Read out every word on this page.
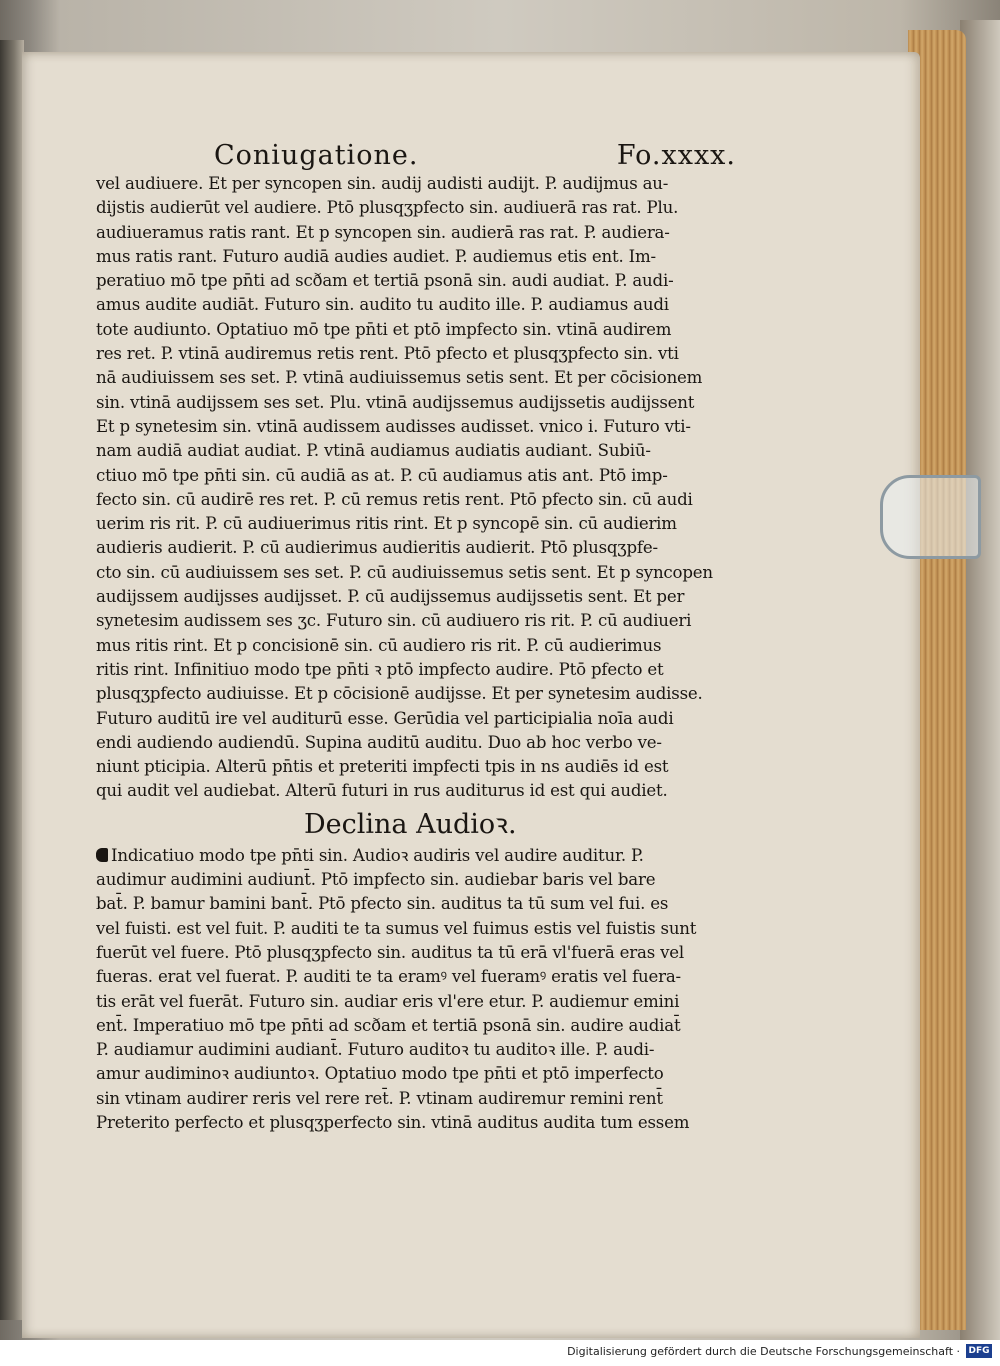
Coniugatione.	Fo.xxxx.
vel audiuere. Et per syncopen sin. audij audisti audijt. P. audijmus au-
dijstis audierūt vel audiere. Ptō plusqʒpfecto sin. audiuerā ras rat. Plu.
audiueramus ratis rant. Et p syncopen sin. audierā ras rat. P. audiera-
mus ratis rant. Futuro audiā audies audiet. P. audiemus etis ent. Im-
peratiuo mō tpe pn̄ti ad scðam et tertiā psonā sin. audi audiat. P. audi-
amus audite audiāt. Futuro sin. audito tu audito ille. P. audiamus audi
tote audiunto. Optatiuo mō tpe pn̄ti et ptō impfecto sin. vtinā audirem
res ret. P. vtinā audiremus retis rent. Ptō pfecto et plusqʒpfecto sin. vti
nā audiuissem ses set. P. vtinā audiuissemus setis sent. Et per cōcisionem
sin. vtinā audijssem ses set. Plu. vtinā audijssemus audijssetis audijssent
Et p synetesim sin. vtinā audissem audisses audisset. vnico i. Futuro vti-
nam audiā audiat audiat. P. vtinā audiamus audiatis audiant. Subiū-
ctiuo mō tpe pn̄ti sin. cū audiā as at. P. cū audiamus atis ant. Ptō imp-
fecto sin. cū audirē res ret. P. cū remus retis rent. Ptō pfecto sin. cū audi
uerim ris rit. P. cū audiuerimus ritis rint. Et p syncopē sin. cū audierim
audieris audierit. P. cū audierimus audieritis audierit. Ptō plusqʒpfe-
cto sin. cū audiuissem ses set. P. cū audiuissemus setis sent. Et p syncopen
audijssem audijsses audijsset. P. cū audijssemus audijssetis sent. Et per
synetesim audissem ses ʒc. Futuro sin. cū audiuero ris rit. P. cū audiueri
mus ritis rint. Et p concisionē sin. cū audiero ris rit. P. cū audierimus
ritis rint. Infinitiuo modo tpe pn̄ti ꝛ ptō impfecto audire. Ptō pfecto et
plusqʒpfecto audiuisse. Et p cōcisionē audijsse. Et per synetesim audisse.
Futuro auditū ire vel auditurū esse. Gerūdia vel participialia noīa audi
endi audiendo audiendū. Supina auditū auditu. Duo ab hoc verbo ve-
niunt pticipia. Alterū pn̄tis et preteriti impfecti tpis in ns audiēs id est
qui audit vel audiebat. Alterū futuri in rus auditurus id est qui audiet.
Declina Audioꝛ.
Indicatiuo modo tpe pn̄ti sin. Audioꝛ audiris vel audire auditur. P.
audimur audimini audiunt̄. Ptō impfecto sin. audiebar baris vel bare
bat̄. P. bamur bamini bant̄. Ptō pfecto sin. auditus ta tū sum vel fui. es
vel fuisti. est vel fuit. P. auditi te ta sumus vel fuimus estis vel fuistis sunt
fuerūt vel fuere. Ptō plusqʒpfecto sin. auditus ta tū erā vl'fuerā eras vel
fueras. erat vel fuerat. P. auditi te ta eramꝰ vel fueramꝰ eratis vel fuera-
tis erāt vel fuerāt. Futuro sin. audiar eris vl'ere etur. P. audiemur emini
ent̄. Imperatiuo mō tpe pn̄ti ad scðam et tertiā psonā sin. audire audiat̄
P. audiamur audimini audiant̄. Futuro auditoꝛ tu auditoꝛ ille. P. audi-
amur audiminoꝛ audiuntoꝛ. Optatiuo modo tpe pn̄ti et ptō imperfecto
sin vtinam audirer reris vel rere ret̄. P. vtinam audiremur remini rent̄
Preterito perfecto et plusqʒperfecto sin. vtinā auditus audita tum essem
Digitalisierung gefördert durch die Deutsche Forschungsgemeinschaft · DFG
